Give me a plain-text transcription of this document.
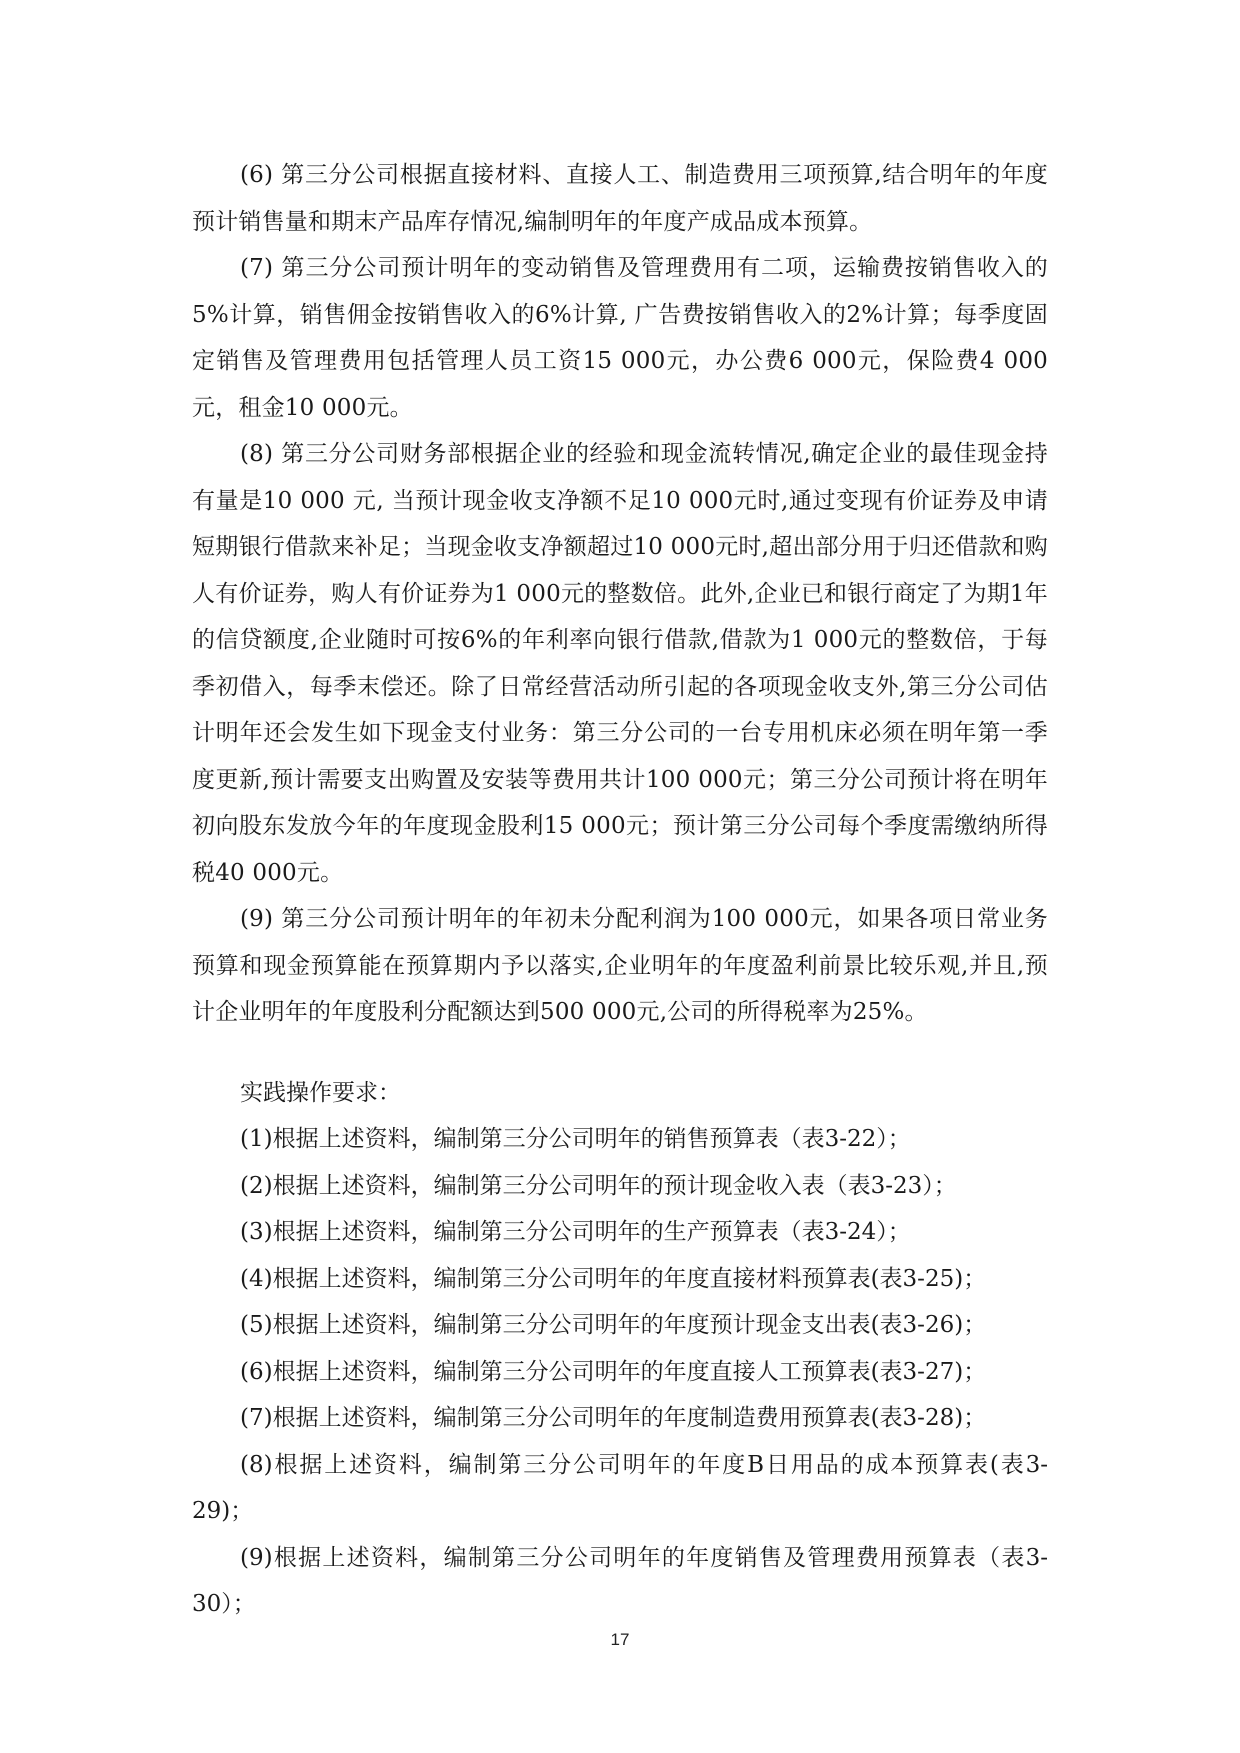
(6) 第三分公司根据直接材料、直接人工、制造费用三项预算,结合明年的年度预计销售量和期末产品库存情况,编制明年的年度产成品成本预算。

(7) 第三分公司预计明年的变动销售及管理费用有二项，运输费按销售收入的5%计算，销售佣金按销售收入的6%计算, 广告费按销售收入的2%计算；每季度固定销售及管理费用包括管理人员工资15 000元，办公费6 000元，保险费4 000元，租金10 000元。

(8) 第三分公司财务部根据企业的经验和现金流转情况,确定企业的最佳现金持有量是10 000 元, 当预计现金收支净额不足10 000元时,通过变现有价证券及申请短期银行借款来补足；当现金收支净额超过10 000元时,超出部分用于归还借款和购人有价证券，购人有价证券为1 000元的整数倍。此外,企业已和银行商定了为期1年的信贷额度,企业随时可按6%的年利率向银行借款,借款为1 000元的整数倍，于每季初借入，每季末偿还。除了日常经营活动所引起的各项现金收支外,第三分公司估计明年还会发生如下现金支付业务：第三分公司的一台专用机床必须在明年第一季度更新,预计需要支出购置及安装等费用共计100 000元；第三分公司预计将在明年初向股东发放今年的年度现金股利15 000元；预计第三分公司每个季度需缴纳所得税40 000元。

(9) 第三分公司预计明年的年初未分配利润为100 000元，如果各项日常业务预算和现金预算能在预算期内予以落实,企业明年的年度盈利前景比较乐观,并且,预计企业明年的年度股利分配额达到500 000元,公司的所得税率为25%。

实践操作要求：

(1)根据上述资料，编制第三分公司明年的销售预算表（表3-22）；

(2)根据上述资料，编制第三分公司明年的预计现金收入表（表3-23）；

(3)根据上述资料，编制第三分公司明年的生产预算表（表3-24）；

(4)根据上述资料，编制第三分公司明年的年度直接材料预算表(表3-25)；

(5)根据上述资料，编制第三分公司明年的年度预计现金支出表(表3-26)；

(6)根据上述资料，编制第三分公司明年的年度直接人工预算表(表3-27)；

(7)根据上述资料，编制第三分公司明年的年度制造费用预算表(表3-28)；

(8)根据上述资料，编制第三分公司明年的年度B日用品的成本预算表(表3-29)；

(9)根据上述资料，编制第三分公司明年的年度销售及管理费用预算表（表3-30）；

17
